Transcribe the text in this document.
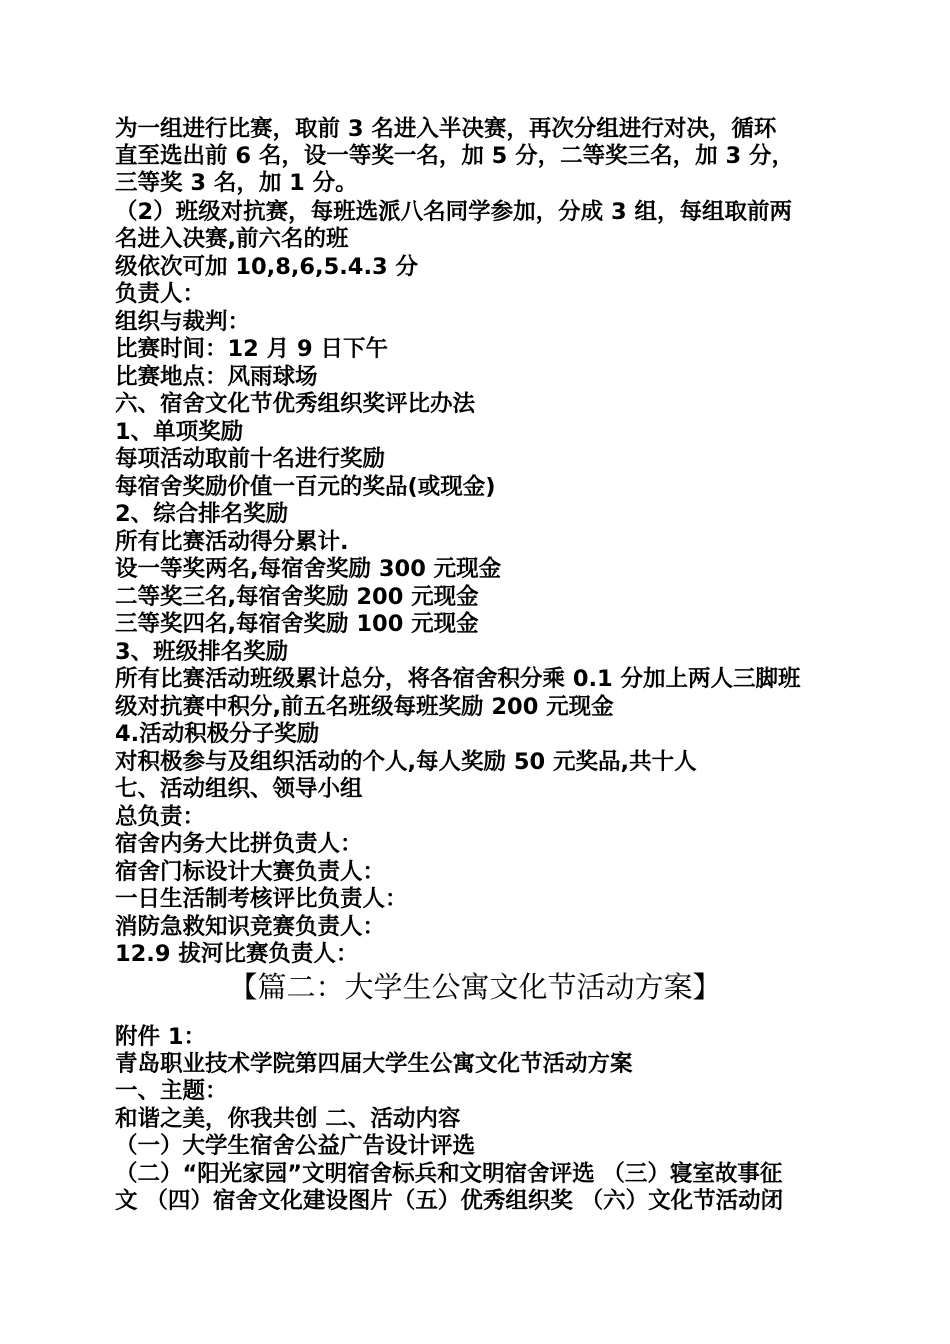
为一组进行比赛，取前 3 名进入半决赛，再次分组进行对决，循环
直至选出前 6 名，设一等奖一名，加 5 分，二等奖三名，加 3 分，
三等奖 3 名，加 1 分。
（2）班级对抗赛，每班选派八名同学参加，分成 3 组，每组取前两
名进入决赛,前六名的班
级依次可加 10,8,6,5.4.3 分
负责人：
组织与裁判：
比赛时间：12 月 9 日下午
比赛地点：风雨球场
六、宿舍文化节优秀组织奖评比办法
1、单项奖励
每项活动取前十名进行奖励
每宿舍奖励价值一百元的奖品(或现金)
2、综合排名奖励
所有比赛活动得分累计.
设一等奖两名,每宿舍奖励 300 元现金
二等奖三名,每宿舍奖励 200 元现金
三等奖四名,每宿舍奖励 100 元现金
3、班级排名奖励
所有比赛活动班级累计总分，将各宿舍积分乘 0.1 分加上两人三脚班
级对抗赛中积分,前五名班级每班奖励 200 元现金
4.活动积极分子奖励
对积极参与及组织活动的个人,每人奖励 50 元奖品,共十人
七、活动组织、领导小组
总负责：
宿舍内务大比拼负责人：
宿舍门标设计大赛负责人：
一日生活制考核评比负责人：
消防急救知识竞赛负责人：
12.9 拔河比赛负责人：
【篇二：大学生公寓文化节活动方案】
附件 1：
青岛职业技术学院第四届大学生公寓文化节活动方案
一、主题：
和谐之美，你我共创 二、活动内容
（一）大学生宿舍公益广告设计评选
（二）“阳光家园”文明宿舍标兵和文明宿舍评选 （三）寝室故事征
文 （四）宿舍文化建设图片（五）优秀组织奖 （六）文化节活动闭
